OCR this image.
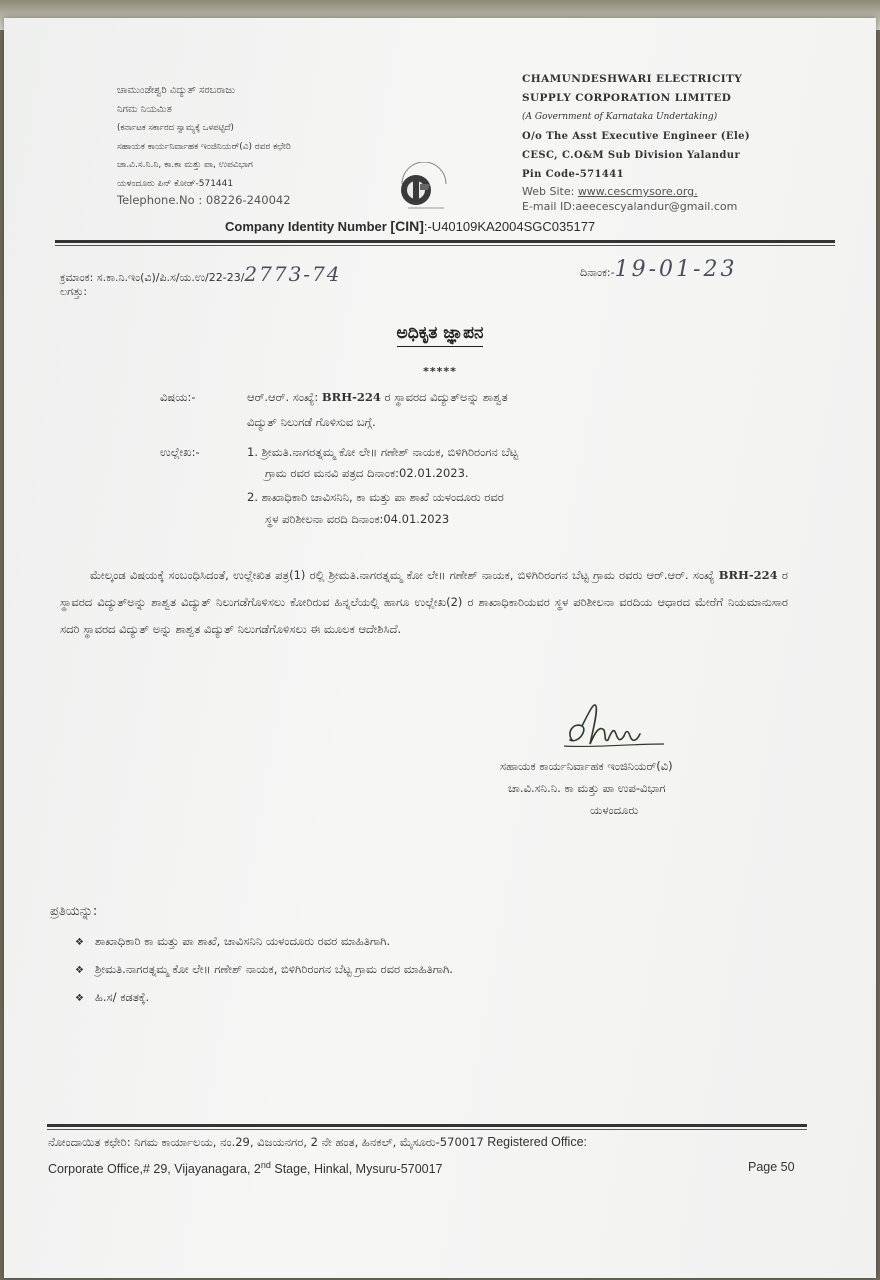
ಚಾಮುಂಡೇಶ್ವರಿ ವಿದ್ಯುತ್ ಸರಬರಾಜು
ನಿಗಮ ನಿಯಮಿತ
(ಕರ್ನಾಟಕ ಸರ್ಕಾರದ ಸ್ವಾಮ್ಯಕ್ಕೆ ಒಳಪಟ್ಟಿದೆ)
ಸಹಾಯಕ ಕಾರ್ಯನಿರ್ವಾಹಕ ಇಂಜಿನಿಯರ್(ವಿ) ರವರ ಕಛೇರಿ
ಚಾ.ವಿ.ಸ.ನಿ.ನಿ, ಕಾ.ಕಾ ಮತ್ತು ಪಾ, ಉಪವಿಭಾಗ
ಯಳಂದೂರು ಪಿನ್ ಕೋಡ್-571441
Telephone.No : 08226-240042
CHAMUNDESHWARI ELECTRICITY
SUPPLY CORPORATION LIMITED
(A Government of Karnataka Undertaking)
O/o The Asst Executive Engineer (Ele)
CESC, C.O&M Sub Division Yalandur
Pin Code-571441
Web Site: www.cescmysore.org.
E-mail ID:aeecescyalandur@gmail.com
Company Identity Number [CIN]:-U40109KA2004SGC035177
ಕ್ರಮಾಂಕ: ಸ.ಕಾ.ನಿ.ಇಂ(ವಿ)/ಪಿ.ಸ/ಯ.ಉ/22-23/2773-74
ಲಗತ್ತು:
ದಿನಾಂಕ:-19-01-23
ಅಧಿಕೃತ ಜ್ಞಾಪನ
*****
ವಿಷಯ:-	ಆರ್.ಆರ್. ಸಂಖ್ಯೆ: BRH-224 ರ ಸ್ಥಾವರದ ವಿದ್ಯುತ್‌ಅನ್ನು ಶಾಶ್ವತ
ವಿದ್ಯುತ್ ನಿಲುಗಡೆ ಗೊಳಿಸುವ ಬಗ್ಗೆ.
ಉಲ್ಲೇಖ:-	1. ಶ್ರೀಮತಿ.ನಾಗರತ್ನಮ್ಮ ಕೋ ಲೇ॥ ಗಣೇಶ್ ನಾಯಕ, ಬಿಳಿಗಿರಿರಂಗನ ಬೆಟ್ಟ
ಗ್ರಾಮ ರವರ ಮನವಿ ಪತ್ರದ ದಿನಾಂಕ:02.01.2023.
2. ಶಾಖಾಧಿಕಾರಿ ಚಾವಿಸನಿನಿ, ಕಾ ಮತ್ತು ಪಾ ಶಾಖೆ ಯಳಂದೂರು ರವರ
ಸ್ಥಳ ಪರಿಶೀಲನಾ ವರದಿ ದಿನಾಂಕ:04.01.2023
ಮೇಲ್ಕಂಡ ವಿಷಯಕ್ಕೆ ಸಂಬಂಧಿಸಿದಂತೆ, ಉಲ್ಲೇಖಿತ ಪತ್ರ(1) ರಲ್ಲಿ ಶ್ರೀಮತಿ.ನಾಗರತ್ನಮ್ಮ ಕೋ ಲೇ॥ ಗಣೇಶ್ ನಾಯಕ, ಬಿಳಿಗಿರಿರಂಗನ ಬೆಟ್ಟ ಗ್ರಾಮ ರವರು ಆರ್.ಆರ್. ಸಂಖ್ಯೆ BRH-224 ರ ಸ್ಥಾವರದ ವಿದ್ಯುತ್‌ಅನ್ನು ಶಾಶ್ವತ ವಿದ್ಯುತ್ ನಿಲುಗಡೆಗೊಳಿಸಲು ಕೋರಿರುವ ಹಿನ್ನಲೆಯಲ್ಲಿ ಹಾಗೂ ಉಲ್ಲೇಖ(2) ರ ಶಾಖಾಧಿಕಾರಿಯವರ ಸ್ಥಳ ಪರಿಶೀಲನಾ ವರದಿಯ ಆಧಾರದ ಮೇರೆಗೆ ನಿಯಮಾನುಸಾರ ಸದರಿ ಸ್ಥಾವರದ ವಿದ್ಯುತ್ ಅನ್ನು ಶಾಶ್ವತ ವಿದ್ಯುತ್ ನಿಲುಗಡೆಗೊಳಿಸಲು ಈ ಮೂಲಕ ಆದೇಶಿಸಿದೆ.
ಸಹಾಯಕ ಕಾರ್ಯನಿರ್ವಾಹಕ ಇಂಜಿನಿಯರ್(ವಿ)
ಚಾ.ವಿ.ಸನಿ.ನಿ. ಕಾ ಮತ್ತು ಪಾ ಉಪ-ವಿಭಾಗ
ಯಳಂದೂರು
ಪ್ರತಿಯನ್ನು:
❖ ಶಾಖಾಧಿಕಾರಿ ಕಾ ಮತ್ತು ಪಾ ಶಾಖೆ, ಚಾವಿಸನಿನಿ ಯಳಂದೂರು ರವರ ಮಾಹಿತಿಗಾಗಿ.
❖ ಶ್ರೀಮತಿ.ನಾಗರತ್ನಮ್ಮ ಕೋ ಲೇ॥ ಗಣೇಶ್ ನಾಯಕ, ಬಿಳಿಗಿರಿರಂಗನ ಬೆಟ್ಟ ಗ್ರಾಮ ರವರ ಮಾಹಿತಿಗಾಗಿ.
❖ ಹಿ.ಸ/ ಕಡತಕ್ಕೆ.
ನೋಂದಾಯಿತ ಕಛೇರಿ: ನಿಗಮ ಕಾರ್ಯಾಲಯ, ನಂ.29, ವಿಜಯನಗರ, 2 ನೇ ಹಂತ, ಹಿನಕಲ್, ಮೈಸೂರು-570017 Registered Office:
Corporate Office,# 29, Vijayanagara, 2nd Stage, Hinkal, Mysuru-570017	Page 50
